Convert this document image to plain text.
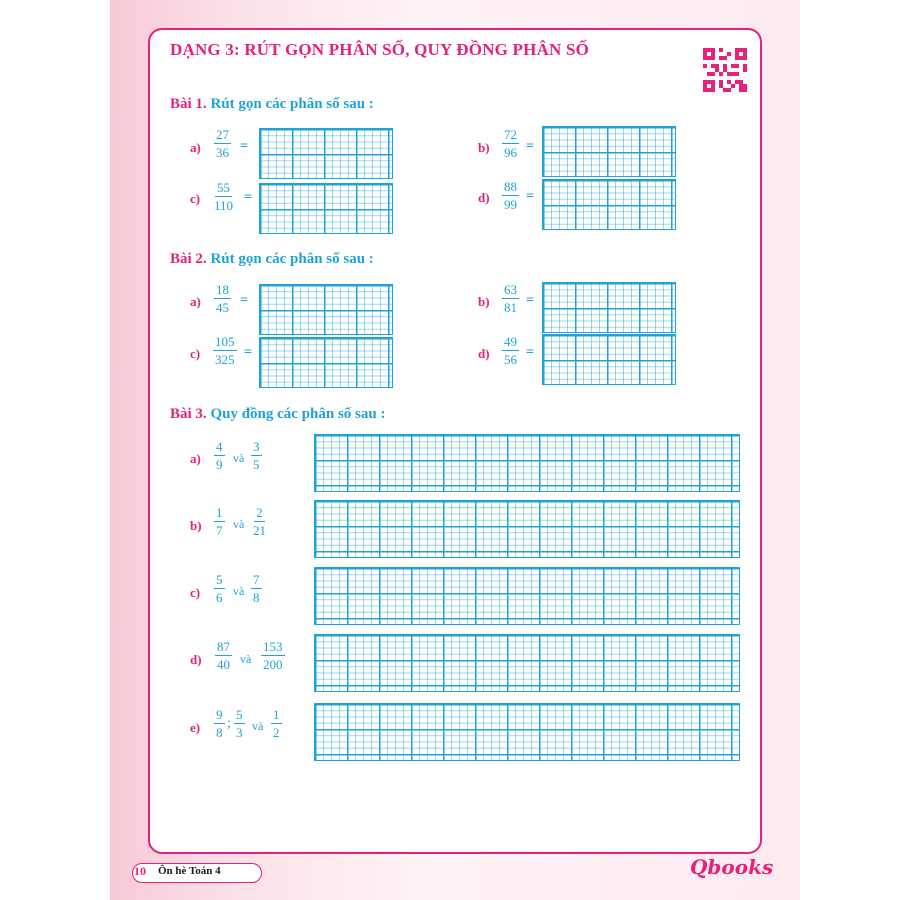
DẠNG 3: RÚT GỌN PHÂN SỐ, QUY ĐỒNG PHÂN SỐ
Bài 1. Rút gọn các phân số sau :
$a) \frac{27}{36}$ =	$b) \frac{72}{96}$ =
$c) \frac{55}{110}$ =	$d) \frac{88}{99}$ =
Bài 2. Rút gọn các phân số sau :
$a) \frac{18}{45}$ =	$b) \frac{63}{81}$ =
$c) \frac{105}{325}$ =	$d) \frac{49}{56}$ =
Bài 3. Quy đồng các phân số sau :
$a) \frac{4}{9}$ và $\frac{3}{5}$
$b) \frac{1}{7}$ và $\frac{2}{21}$
$c) \frac{5}{6}$ và $\frac{7}{8}$
$d) \frac{87}{40}$ và $\frac{153}{200}$
$e) \frac{9}{8}$ ; $\frac{5}{3}$ và $\frac{1}{2}$
10 Ôn hè Toán 4	Qbooks
